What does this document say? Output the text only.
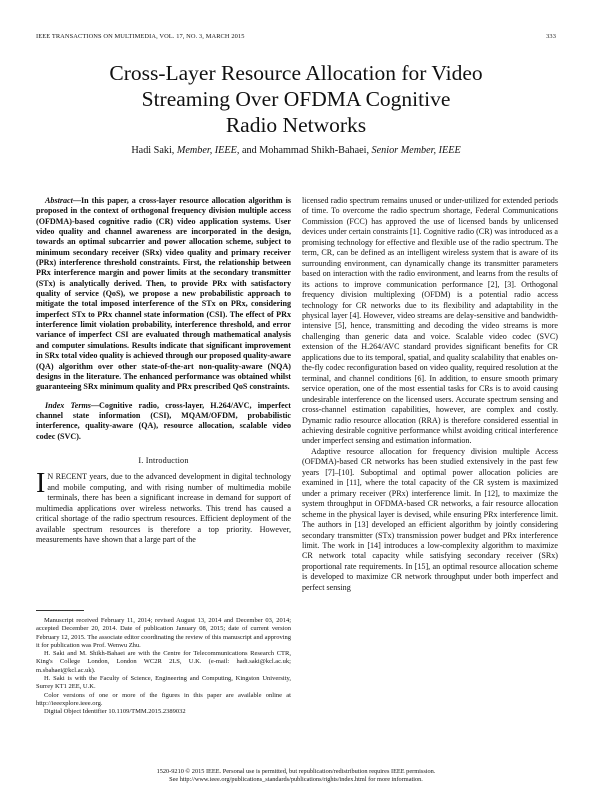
IEEE TRANSACTIONS ON MULTIMEDIA, VOL. 17, NO. 3, MARCH 2015	333
Cross-Layer Resource Allocation for Video
Streaming Over OFDMA Cognitive
Radio Networks
Hadi Saki, Member, IEEE, and Mohammad Shikh-Bahaei, Senior Member, IEEE

Abstract—In this paper, a cross-layer resource allocation algorithm is proposed in the context of orthogonal frequency division multiple access (OFDMA)-based cognitive radio (CR) video application systems. User video quality and channel awareness are incorporated in the design, towards an optimal subcarrier and power allocation scheme, subject to minimum secondary receiver (SRx) video quality and primary receiver (PRx) interference threshold constraints. First, the relationship between PRx interference margin and power limits at the secondary transmitter (STx) is analytically derived. Then, to provide PRx with satisfactory quality of service (QoS), we propose a new probabilistic approach to mitigate the total imposed interference of the STx on PRx, considering imperfect STx to PRx channel state information (CSI). The effect of PRx interference limit violation probability, interference threshold, and error variance of imperfect CSI are evaluated through mathematical analysis and computer simulations. Results indicate that significant improvement in SRx total video quality is achieved through our proposed quality-aware (QA) algorithm over other state-of-the-art non-quality-aware (NQA) designs in the literature. The enhanced performance was obtained whilst guaranteeing SRx minimum quality and PRx prescribed QoS constraints.

Index Terms—Cognitive radio, cross-layer, H.264/AVC, imperfect channel state information (CSI), MQAM/OFDM, probabilistic interference, quality-aware (QA), resource allocation, scalable video codec (SVC).

I. Introduction

I N RECENT years, due to the advanced development in digital technology and mobile computing, and with rising number of multimedia mobile terminals, there has been a significant increase in demand for support of multimedia applications over wireless networks. This trend has caused a critical shortage of the radio spectrum resources. Efficient deployment of the available spectrum resources is therefore a top priority. However, measurements have shown that a large part of the

licensed radio spectrum remains unused or under-utilized for extended periods of time. To overcome the radio spectrum shortage, Federal Communications Commission (FCC) has approved the use of licensed bands by unlicensed devices under certain constraints [1]. Cognitive radio (CR) was introduced as a promising technology for effective and flexible use of the radio spectrum. The term, CR, can be defined as an intelligent wireless system that is aware of its surrounding environment, can dynamically change its transmitter parameters based on interaction with the radio environment, and learns from the results of its actions to improve communication performance [2], [3]. Orthogonal frequency division multiplexing (OFDM) is a potential radio access technology for CR networks due to its flexibility and adaptability in the physical layer [4]. However, video streams are delay-sensitive and bandwidth-intensive [5], hence, transmitting and decoding the video streams is more challenging than generic data and voice. Scalable video codec (SVC) extension of the H.264/AVC standard provides significant benefits for CR applications due to its temporal, spatial, and quality scalability that enables on-the-fly codec reconfiguration based on video quality, required resolution at the terminal, and channel conditions [6]. In addition, to ensure smooth primary service operation, one of the most essential tasks for CRs is to avoid causing undesirable interference on the licensed users. Accurate spectrum sensing and cross-channel estimation capabilities, however, are complex and costly. Dynamic radio resource allocation (RRA) is therefore considered essential in achieving desirable cognitive performance whilst avoiding critical interference under imperfect sensing and estimation information.

Adaptive resource allocation for frequency division multiple Access (OFDMA)-based CR networks has been studied extensively in the past few years [7]–[10]. Suboptimal and optimal power allocation policies are examined in [11], where the total capacity of the CR system is maximized under a primary receiver (PRx) interference limit. In [12], to maximize the system throughput in OFDMA-based CR networks, a fair resource allocation scheme in the physical layer is devised, while ensuring PRx interference limit. The authors in [13] developed an efficient algorithm by jointly considering secondary transmitter (STx) transmission power budget and PRx interference limit. The work in [14] introduces a low-complexity algorithm to maximize CR network total capacity while satisfying secondary receiver (SRx) proportional rate requirements. In [15], an optimal resource allocation scheme is developed to maximize CR network throughput under both imperfect and perfect sensing

Manuscript received February 11, 2014; revised August 13, 2014 and December 03, 2014; accepted December 20, 2014. Date of publication January 08, 2015; date of current version February 12, 2015. The associate editor coordinating the review of this manuscript and approving it for publication was Prof. Wenwu Zhu.

H. Saki and M. Shikh-Bahaei are with the Centre for Telecommunications Research CTR, King's College London, London WC2R 2LS, U.K. (e-mail: hadi.saki@kcl.ac.uk; m.sbahaei@kcl.ac.uk).

H. Saki is with the Faculty of Science, Engineering and Computing, Kingston University, Surrey KT1 2EE, U.K.

Color versions of one or more of the figures in this paper are available online at http://ieeexplore.ieee.org.

Digital Object Identifier 10.1109/TMM.2015.2389032

1520-9210 © 2015 IEEE. Personal use is permitted, but republication/redistribution requires IEEE permission.
See http://www.ieee.org/publications_standards/publications/rights/index.html for more information.
